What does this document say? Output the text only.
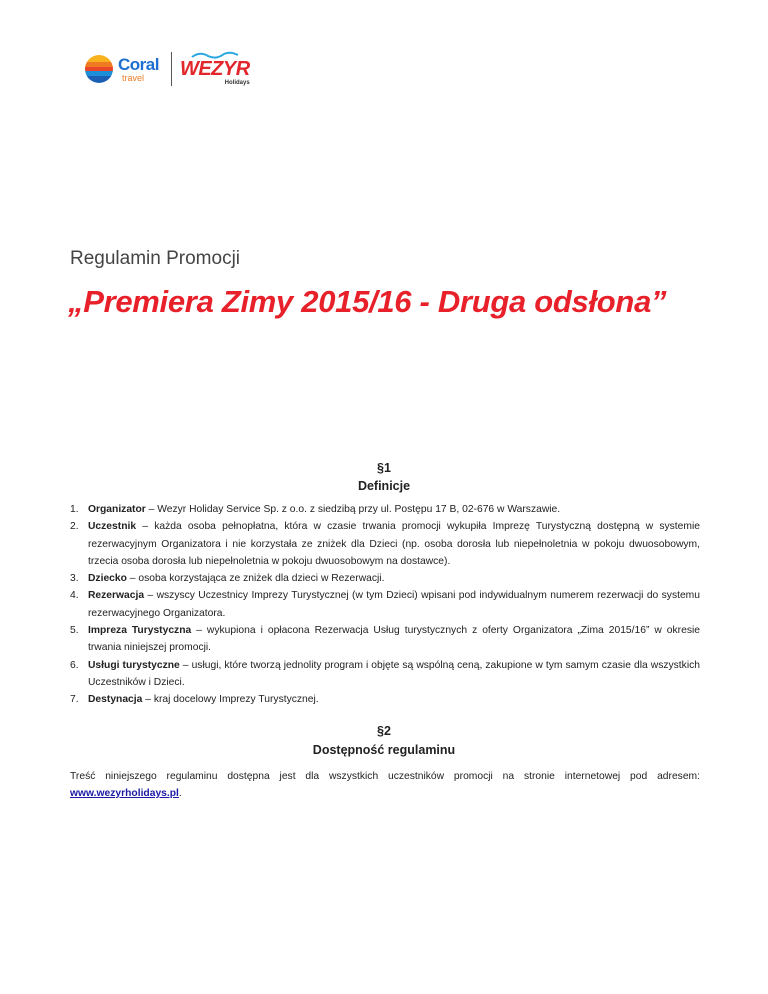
Coral
travel	WEZYR
Holidays
Regulamin Promocji
„Premiera Zimy 2015/16 - Druga odsłona”
§1
Definicje
1. Organizator – Wezyr Holiday Service Sp. z o.o. z siedzibą przy ul. Postępu 17 B, 02-676 w Warszawie.
2. Uczestnik – każda osoba pełnopłatna, która w czasie trwania promocji wykupiła Imprezę Turystyczną dostępną w systemie rezerwacyjnym Organizatora i nie korzystała ze zniżek dla Dzieci (np. osoba dorosła lub niepełnoletnia w pokoju dwuosobowym, trzecia osoba dorosła lub niepełnoletnia w pokoju dwuosobowym na dostawce).
3. Dziecko – osoba korzystająca ze zniżek dla dzieci w Rezerwacji.
4. Rezerwacja – wszyscy Uczestnicy Imprezy Turystycznej (w tym Dzieci) wpisani pod indywidualnym numerem rezerwacji do systemu rezerwacyjnego Organizatora.
5. Impreza Turystyczna – wykupiona i opłacona Rezerwacja Usług turystycznych z oferty Organizatora „Zima 2015/16” w okresie trwania niniejszej promocji.
6. Usługi turystyczne – usługi, które tworzą jednolity program i objęte są wspólną ceną, zakupione w tym samym czasie dla wszystkich Uczestników i Dzieci.
7. Destynacja – kraj docelowy Imprezy Turystycznej.
§2
Dostępność regulaminu
Treść niniejszego regulaminu dostępna jest dla wszystkich uczestników promocji na stronie internetowej pod adresem: www.wezyrholidays.pl.
